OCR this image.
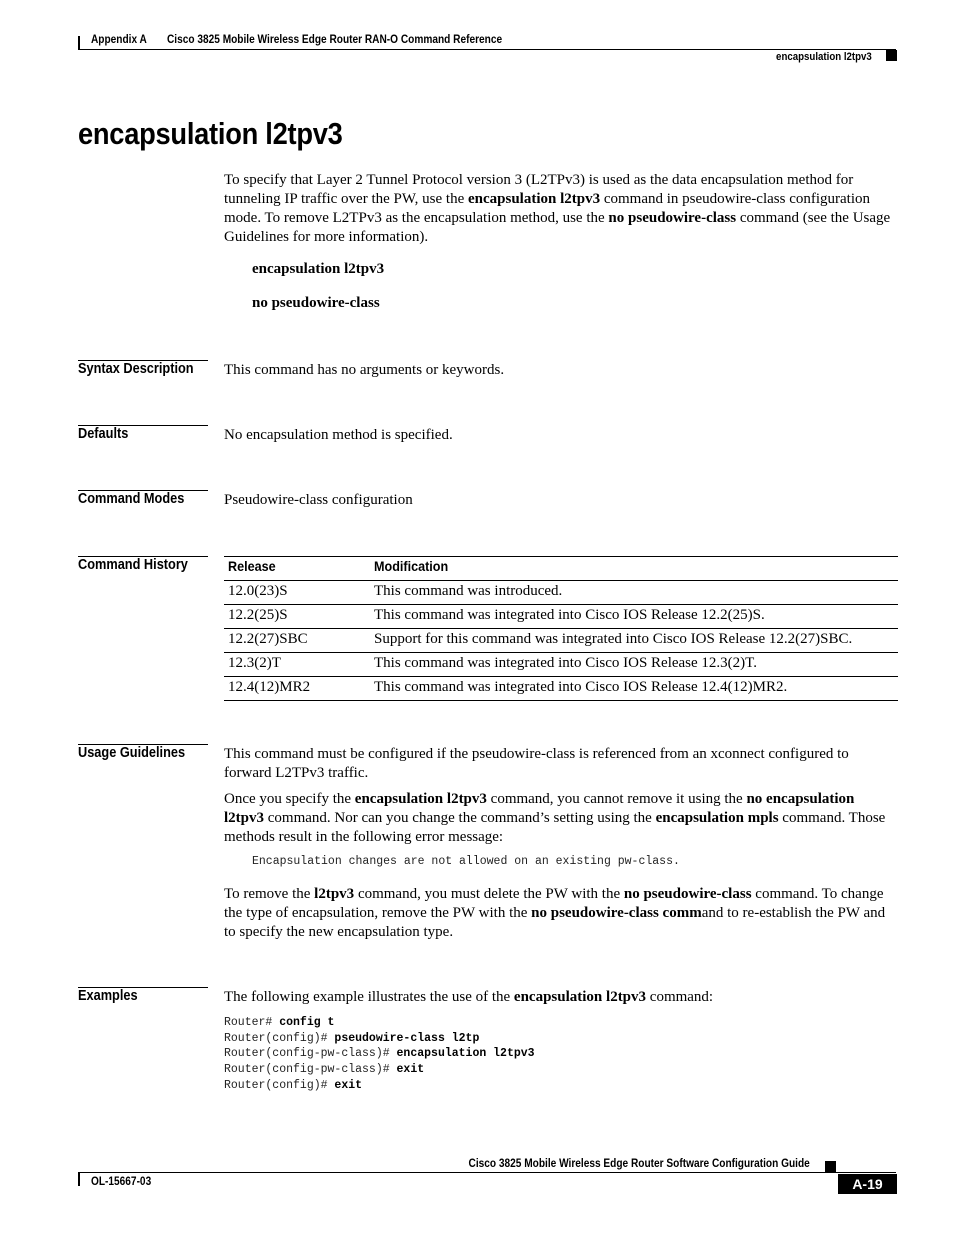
Appendix A Cisco 3825 Mobile Wireless Edge Router RAN-O Command Reference
encapsulation l2tpv3
encapsulation l2tpv3
To specify that Layer 2 Tunnel Protocol version 3 (L2TPv3) is used as the data encapsulation method for tunneling IP traffic over the PW, use the encapsulation l2tpv3 command in pseudowire-class configuration mode. To remove L2TPv3 as the encapsulation method, use the no pseudowire-class command (see the Usage Guidelines for more information).
encapsulation l2tpv3
no pseudowire-class
Syntax Description This command has no arguments or keywords.
Defaults	No encapsulation method is specified.
Command Modes	Pseudowire-class configuration
Command History	Release	Modification
12.0(23)S	This command was introduced.
12.2(25)S	This command was integrated into Cisco IOS Release 12.2(25)S.
12.2(27)SBC	Support for this command was integrated into Cisco IOS Release 12.2(27)SBC.
12.3(2)T	This command was integrated into Cisco IOS Release 12.3(2)T.
12.4(12)MR2	This command was integrated into Cisco IOS Release 12.4(12)MR2.
Usage Guidelines	This command must be configured if the pseudowire-class is referenced from an xconnect configured to forward L2TPv3 traffic.
Once you specify the encapsulation l2tpv3 command, you cannot remove it using the no encapsulation l2tpv3 command. Nor can you change the command’s setting using the encapsulation mpls command. Those methods result in the following error message:
Encapsulation changes are not allowed on an existing pw-class.
To remove the l2tpv3 command, you must delete the PW with the no pseudowire-class command. To change the type of encapsulation, remove the PW with the no pseudowire-class command to re-establish the PW and to specify the new encapsulation type.
Examples	The following example illustrates the use of the encapsulation l2tpv3 command:
Router# config t
Router(config)# pseudowire-class l2tp
Router(config-pw-class)# encapsulation l2tpv3
Router(config-pw-class)# exit
Router(config)# exit
Cisco 3825 Mobile Wireless Edge Router Software Configuration Guide
OL-15667-03	A-19
